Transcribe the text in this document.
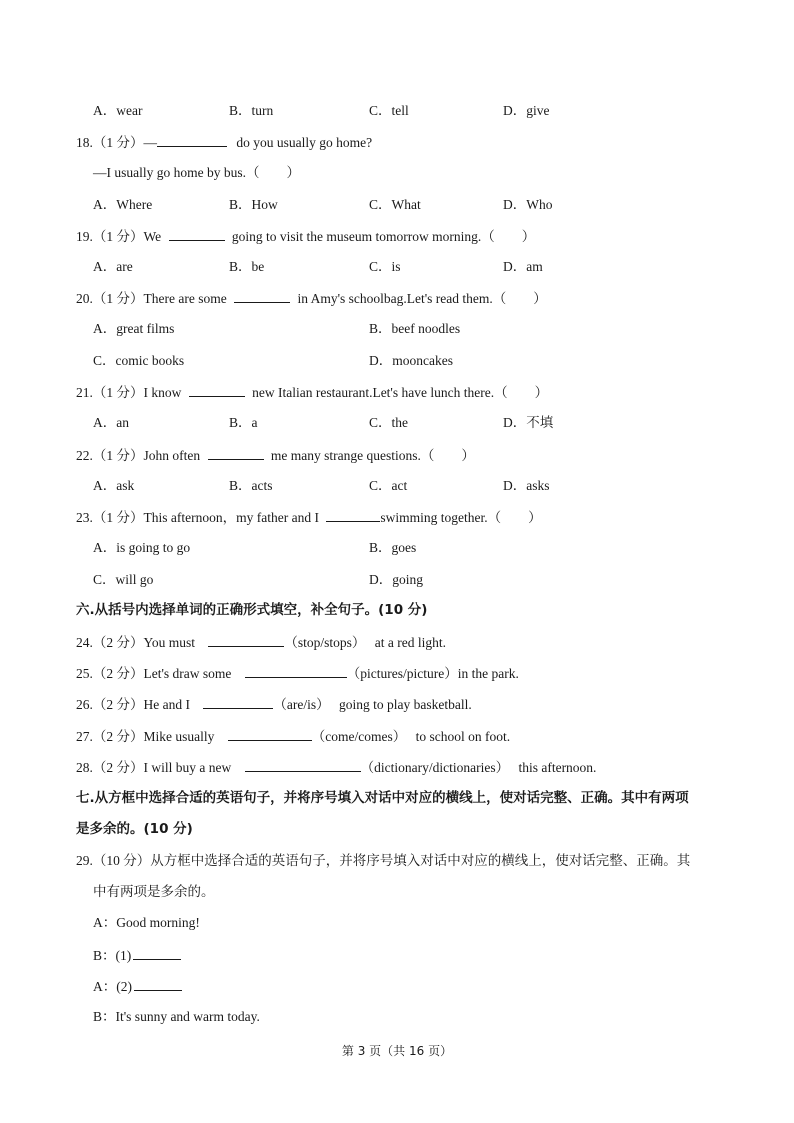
A．wear	B．turn	C．tell	D．give
18.（1 分）—	do you usually go home?
—I usually go home by bus.（　　）
A．Where	B．How	C．What	D．Who
19.（1 分）We	going to visit the museum tomorrow morning.（　　）
A．are	B．be	C．is	D．am
20.（1 分）There are some	in Amy's schoolbag.Let's read them.（　　）
A．great films	B．beef noodles
C．comic books	D．mooncakes
21.（1 分）I know	new Italian restaurant.Let's have lunch there.（　　）
A．an	B．a	C．the	D．不填
22.（1 分）John often	me many strange questions.（　　）
A．ask	B．acts	C．act	D．asks
23.（1 分）This afternoon，my father and I	swimming together.（　　）
A．is going to go	B．goes
C．will go	D．going
六.从括号内选择单词的正确形式填空，补全句子。(10 分)
24.（2 分）You must	（stop/stops） at a red light.
25.（2 分）Let's draw some	（pictures/picture）in the park.
26.（2 分）He and I	（are/is） going to play basketball.
27.（2 分）Mike usually	（come/comes） to school on foot.
28.（2 分）I will buy a new	（dictionary/dictionaries） this afternoon.
七.从方框中选择合适的英语句子，并将序号填入对话中对应的横线上，使对话完整、正确。其中有两项
是多余的。(10 分)
29.（10 分）从方框中选择合适的英语句子，并将序号填入对话中对应的横线上，使对话完整、正确。其
中有两项是多余的。
A：Good morning!
B：(1)
A：(2)
B：It's sunny and warm today.
第 3 页（共 16 页）
